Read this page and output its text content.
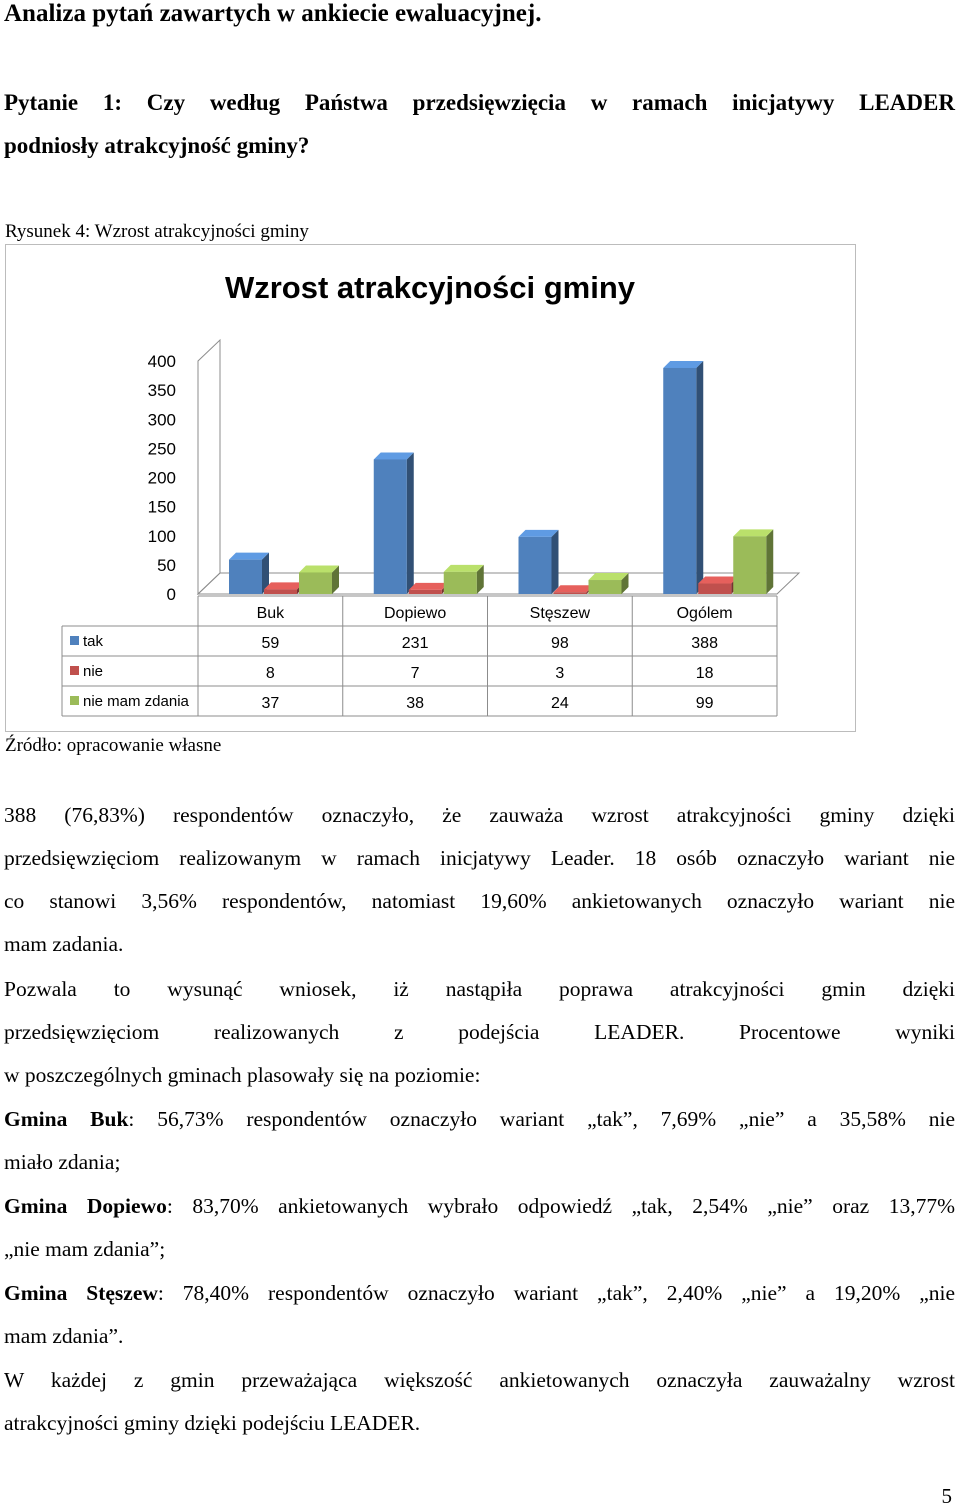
Analiza pytań zawartych w ankiecie ewaluacyjnej.
Pytanie 1: Czy według Państwa przedsięwzięcia w ramach inicjatywy LEADER
podniosły atrakcyjność gminy?
Rysunek 4: Wzrost atrakcyjności gminy
Wzrost atrakcyjności gminy
400
350
300
250
200
150
100
50
0
Buk	Dopiewo	Stęszew	Ogólem
tak	59	231	98	388
nie	8	7	3	18
nie mam zdania	37	38	24	99
Źródło: opracowanie własne
388 (76,83%) respondentów oznaczyło, że zauważa wzrost atrakcyjności gminy dzięki
przedsięwzięciom realizowanym w ramach inicjatywy Leader. 18 osób oznaczyło wariant nie
co stanowi 3,56% respondentów, natomiast 19,60% ankietowanych oznaczyło wariant nie
mam zadania.
Pozwala to wysunąć wniosek, iż nastąpiła poprawa atrakcyjności gmin dzięki
przedsięwzięciom realizowanych z podejścia LEADER. Procentowe wyniki
w poszczególnych gminach plasowały się na poziomie:
Gmina Buk: 56,73% respondentów oznaczyło wariant „tak”, 7,69% „nie” a 35,58% nie
miało zdania;
Gmina Dopiewo: 83,70% ankietowanych wybrało odpowiedź „tak, 2,54% „nie” oraz 13,77%
„nie mam zdania”;
Gmina Stęszew: 78,40% respondentów oznaczyło wariant „tak”, 2,40% „nie” a 19,20% „nie
mam zdania”.
W każdej z gmin przeważająca większość ankietowanych oznaczyła zauważalny wzrost
atrakcyjności gminy dzięki podejściu LEADER.
5
